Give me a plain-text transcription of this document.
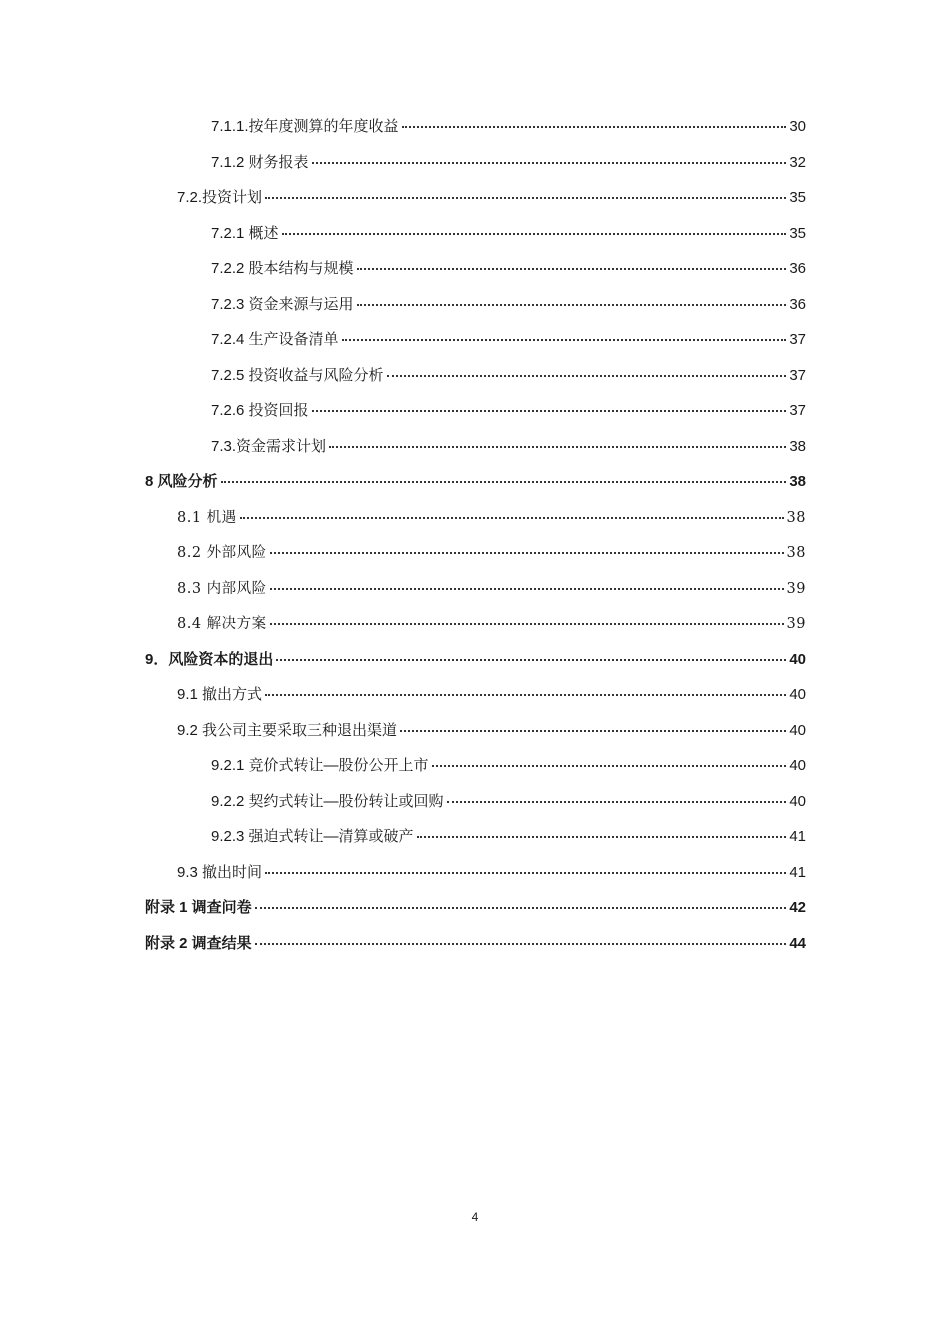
7.1.1.按年度测算的年度收益	30
7.1.2 财务报表	32
7.2.投资计划	35
7.2.1 概述	35
7.2.2 股本结构与规模	36
7.2.3 资金来源与运用	36
7.2.4 生产设备清单	37
7.2.5 投资收益与风险分析	37
7.2.6 投资回报	37
7.3.资金需求计划	38
8 风险分析	38
8.1 机遇	38
8.2 外部风险	38
8.3 内部风险	39
8.4 解决方案	39
9．风险资本的退出	40
9.1 撤出方式	40
9.2 我公司主要采取三种退出渠道	40
9.2.1 竞价式转让—股份公开上市	40
9.2.2 契约式转让—股份转让或回购	40
9.2.3 强迫式转让—清算或破产	41
9.3 撤出时间	41
附录 1 调查问卷	42
附录 2 调查结果	44
4
